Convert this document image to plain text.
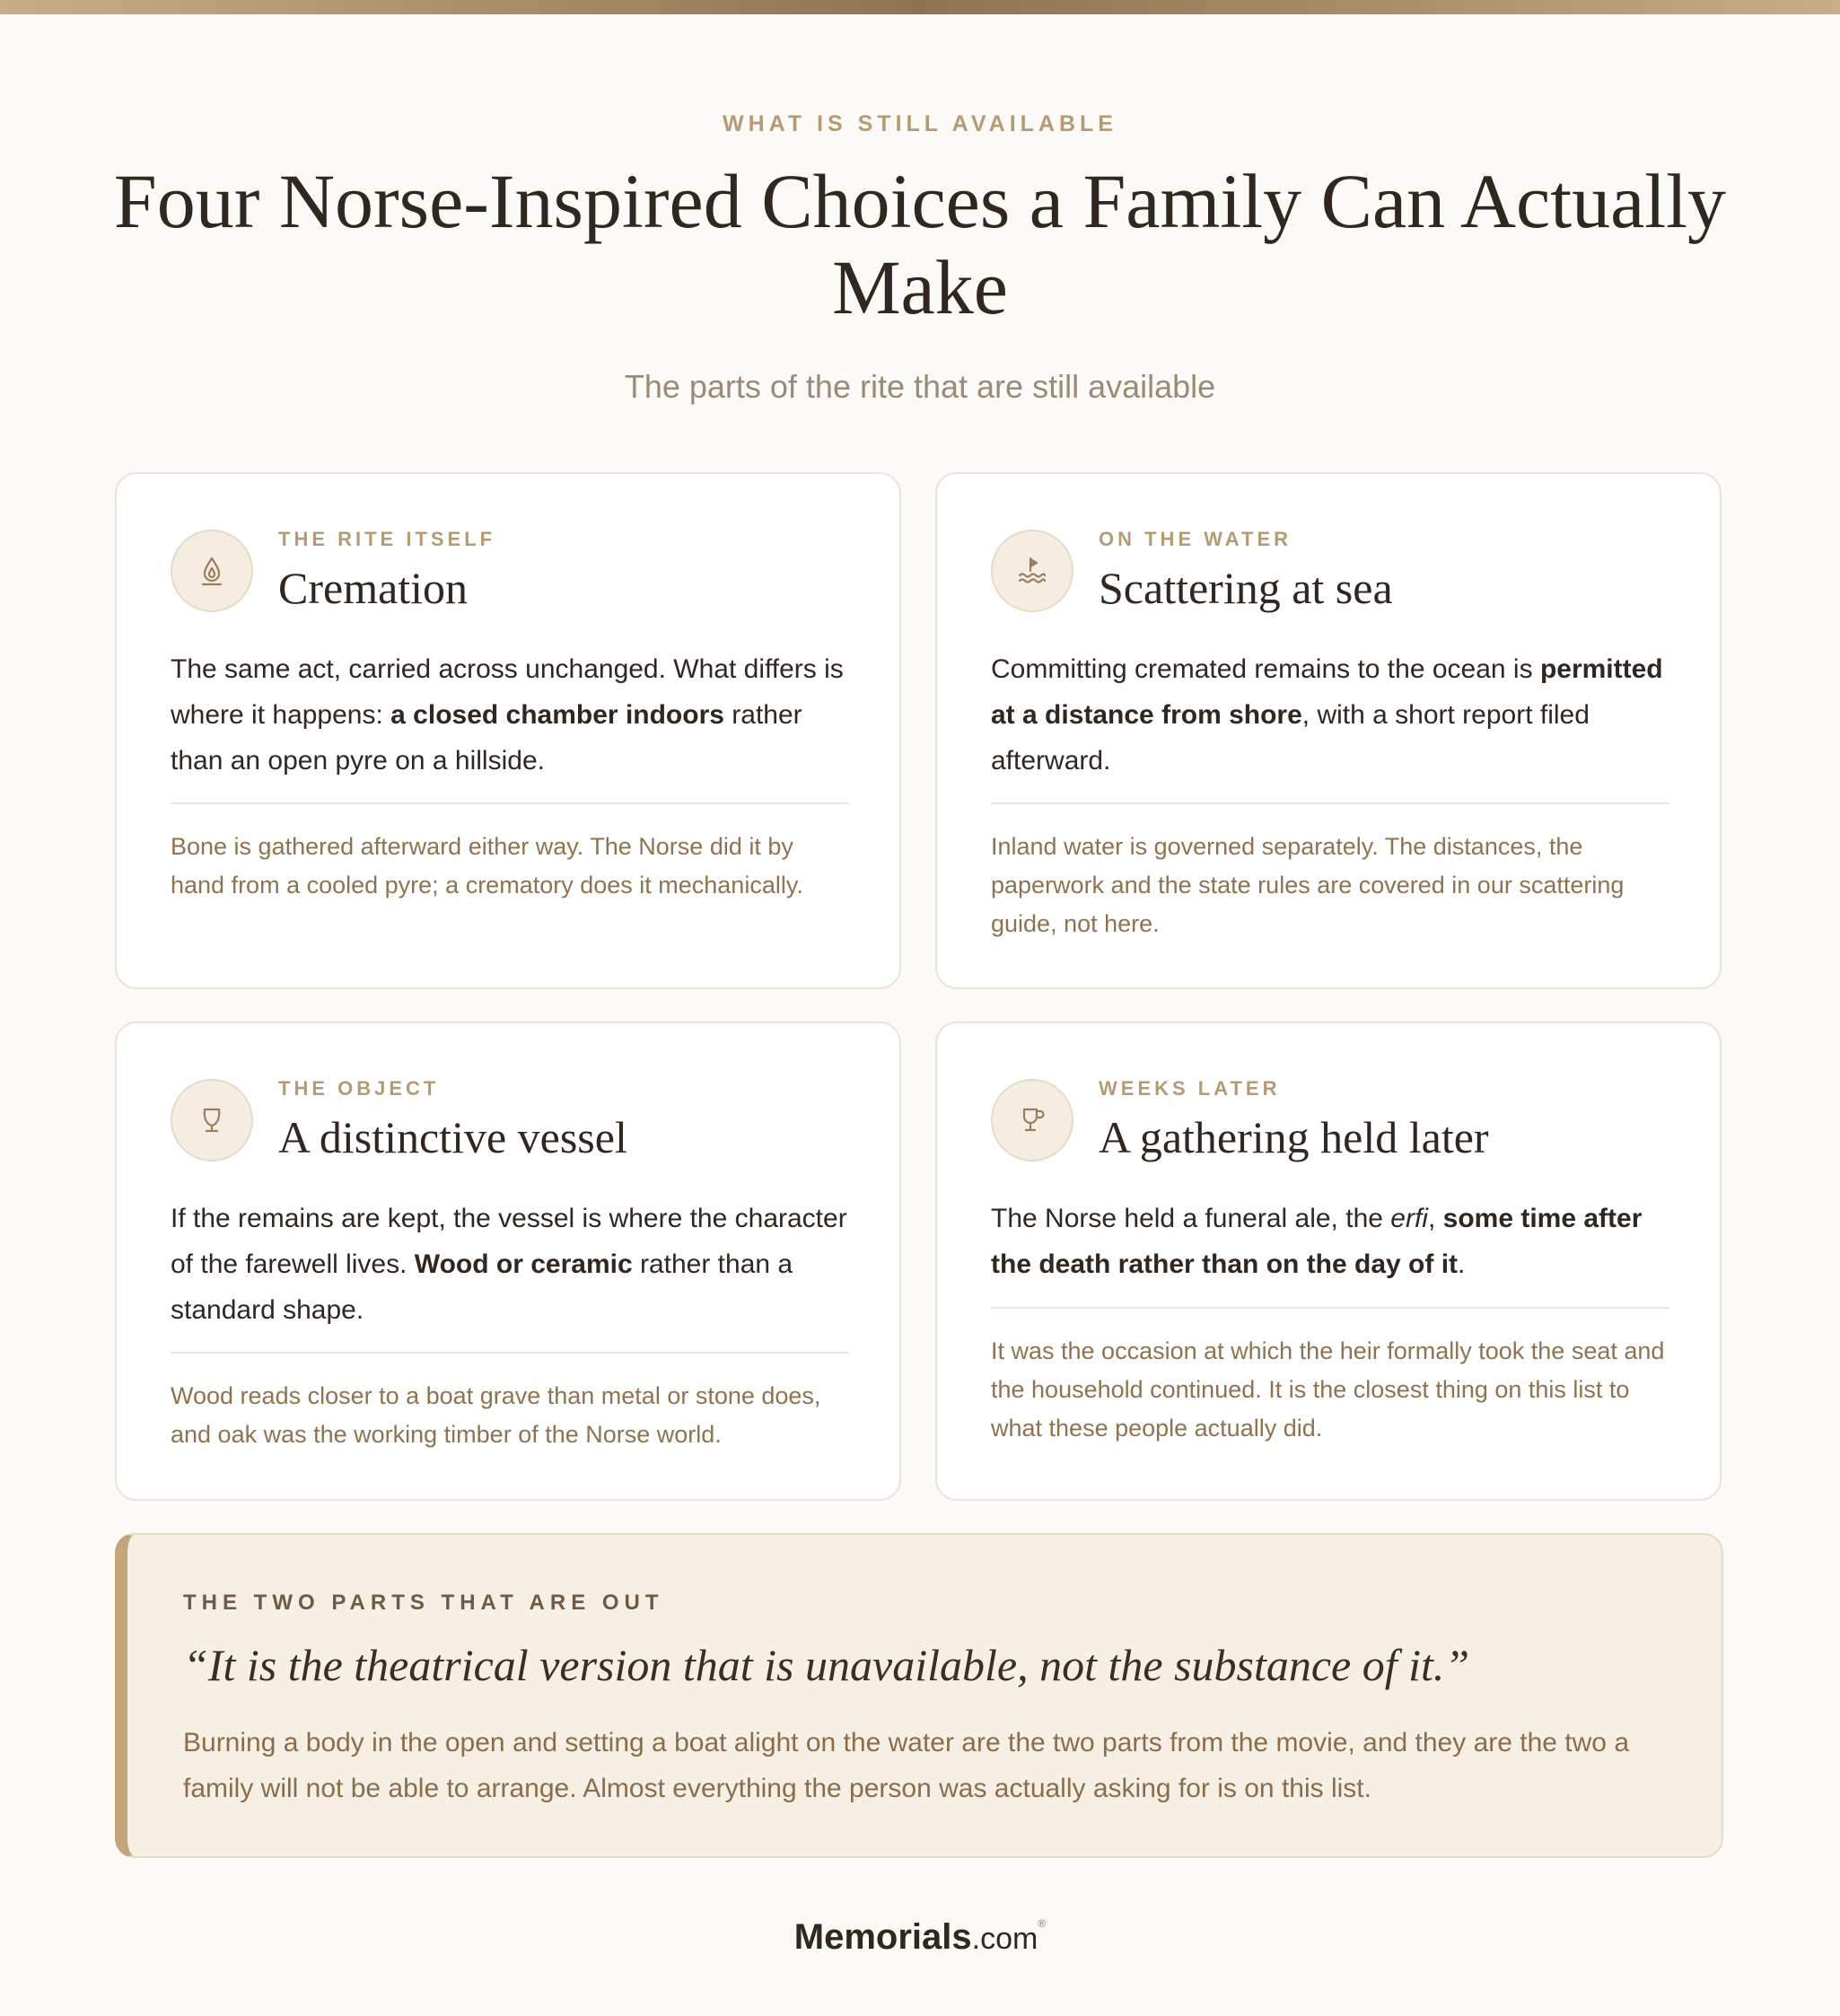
WHAT IS STILL AVAILABLE
Four Norse-Inspired Choices a Family Can Actually Make
The parts of the rite that are still available
THE RITE ITSELF
Cremation
The same act, carried across unchanged. What differs is where it happens: a closed chamber indoors rather than an open pyre on a hillside.
Bone is gathered afterward either way. The Norse did it by hand from a cooled pyre; a crematory does it mechanically.
ON THE WATER
Scattering at sea
Committing cremated remains to the ocean is permitted at a distance from shore, with a short report filed afterward.
Inland water is governed separately. The distances, the paperwork and the state rules are covered in our scattering guide, not here.
THE OBJECT
A distinctive vessel
If the remains are kept, the vessel is where the character of the farewell lives. Wood or ceramic rather than a standard shape.
Wood reads closer to a boat grave than metal or stone does, and oak was the working timber of the Norse world.
WEEKS LATER
A gathering held later
The Norse held a funeral ale, the erfi, some time after the death rather than on the day of it.
It was the occasion at which the heir formally took the seat and the household continued. It is the closest thing on this list to what these people actually did.
THE TWO PARTS THAT ARE OUT
“It is the theatrical version that is unavailable, not the substance of it.”
Burning a body in the open and setting a boat alight on the water are the two parts from the movie, and they are the two a family will not be able to arrange. Almost everything the person was actually asking for is on this list.
Memorials.com®
